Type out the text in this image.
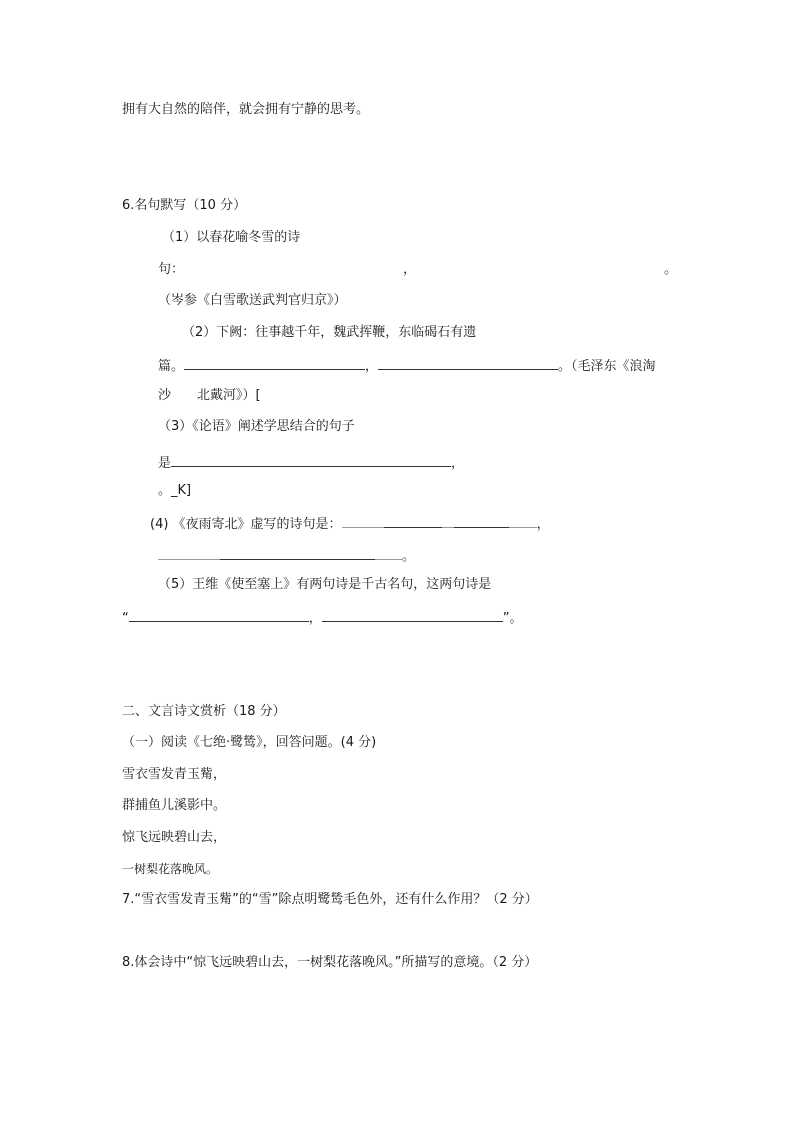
拥有大自然的陪伴，就会拥有宁静的思考。
6.名句默写（10 分）
（1）以春花喻冬雪的诗
句：	，	。
（岑参《白雪歌送武判官归京》）
（2）下阙：往事越千年，魏武挥鞭，东临碣石有遗
篇。	，	。（毛泽东《浪淘
沙　　北戴河》）[
（3）《论语》阐述学思结合的句子
是	，
。_K]
(4) 《夜雨寄北》虚写的诗句是：	，
。
（5）王维《使至塞上》有两句诗是千古名句，这两句诗是
“	，	”。
二、文言诗文赏析（18 分）
（一）阅读《七绝·鹭鸶》，回答问题。(4 分)
雪衣雪发青玉觜，
群捕鱼儿溪影中。
惊飞远映碧山去，
一树梨花落晚风。
7.“雪衣雪发青玉觜”的“雪”除点明鹭鸶毛色外，还有什么作用？（2 分）
8.体会诗中“惊飞远映碧山去，一树梨花落晚风。”所描写的意境。（2 分）
